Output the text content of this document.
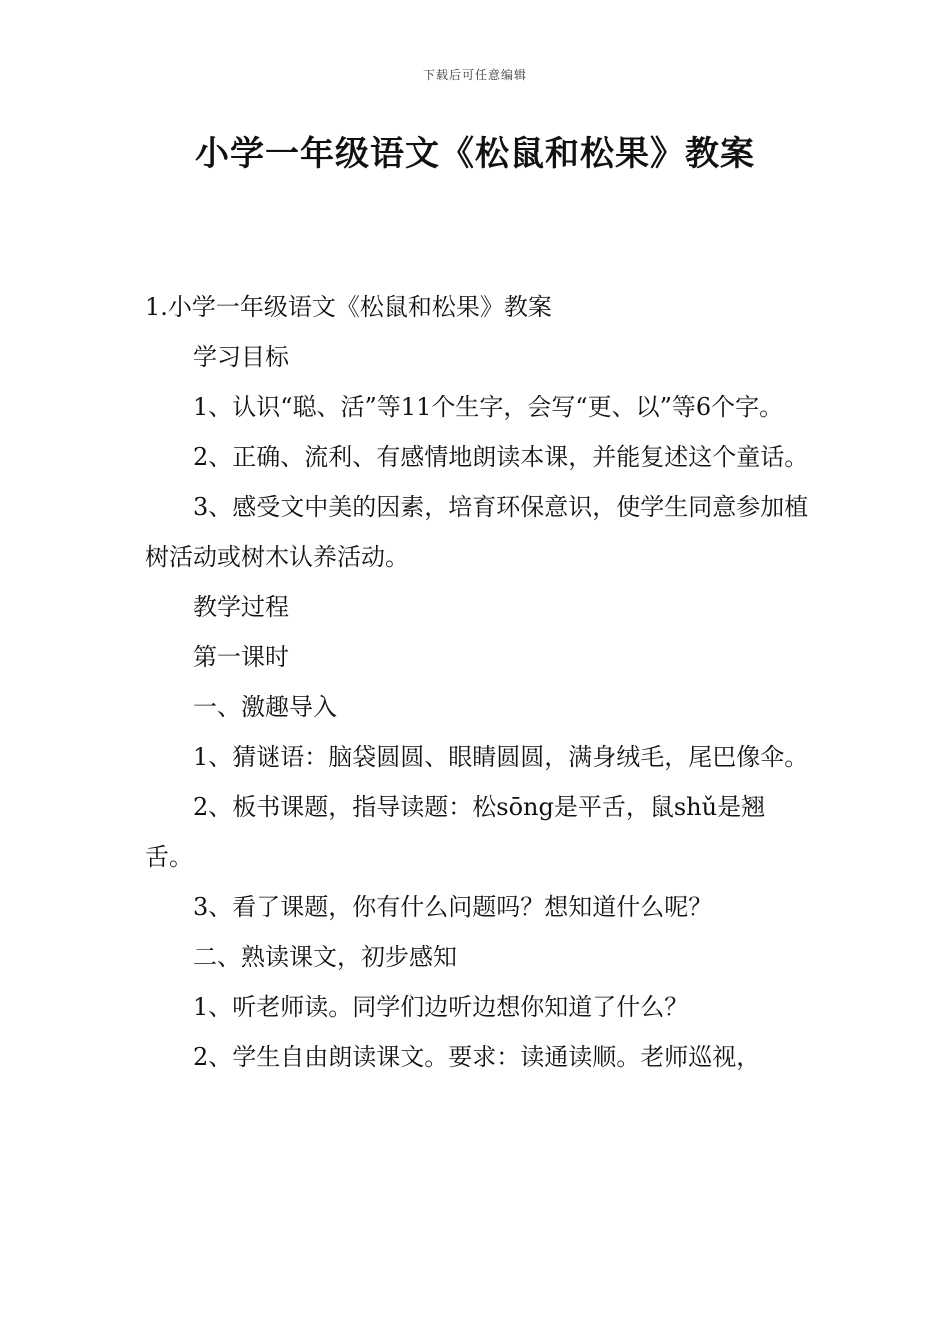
下载后可任意编辑
小学一年级语文《松鼠和松果》教案

1.小学一年级语文《松鼠和松果》教案

学习目标

1、认识“聪、活”等11个生字，会写“更、以”等6个字。

2、正确、流利、有感情地朗读本课，并能复述这个童话。

3、感受文中美的因素，培育环保意识，使学生同意参加植树活动或树木认养活动。

教学过程

第一课时

一、激趣导入

1、猜谜语：脑袋圆圆、眼睛圆圆，满身绒毛，尾巴像伞。

2、板书课题，指导读题：松sōng是平舌，鼠shǔ是翘舌。

3、看了课题，你有什么问题吗？想知道什么呢？

二、熟读课文，初步感知

1、听老师读。同学们边听边想你知道了什么？

2、学生自由朗读课文。要求：读通读顺。老师巡视，
